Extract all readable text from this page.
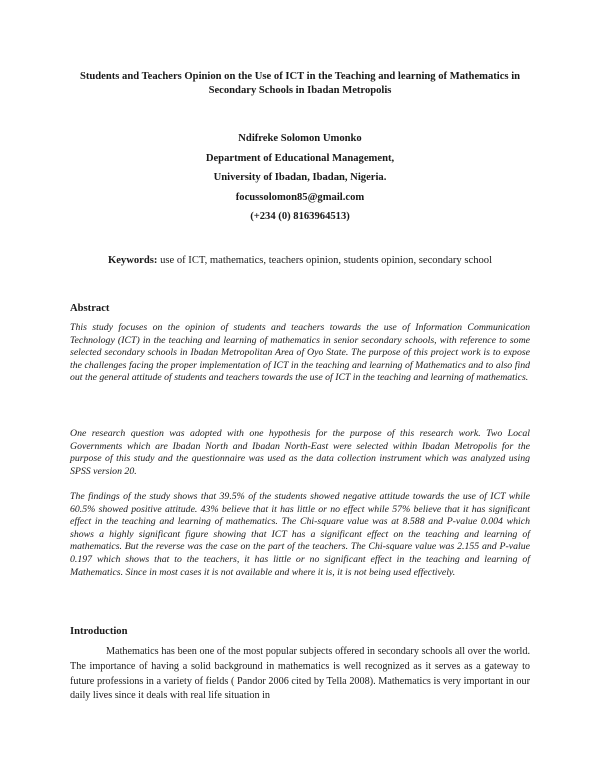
Students and Teachers Opinion on the Use of ICT in the Teaching and learning of Mathematics in Secondary Schools in Ibadan Metropolis
Ndifreke Solomon Umonko
Department of Educational Management,
University of Ibadan, Ibadan, Nigeria.
focussolomon85@gmail.com
(+234 (0) 8163964513)
Keywords: use of ICT, mathematics, teachers opinion, students opinion, secondary school
Abstract
This study focuses on the opinion of students and teachers towards the use of Information Communication Technology (ICT) in the teaching and learning of mathematics in senior secondary schools, with reference to some selected secondary schools in Ibadan Metropolitan Area of Oyo State. The purpose of this project work is to expose the challenges facing the proper implementation of ICT in the teaching and learning of Mathematics and to also find out the general attitude of students and teachers towards the use of ICT in the teaching and learning of mathematics.
One research question was adopted with one hypothesis for the purpose of this research work. Two Local Governments which are Ibadan North and Ibadan North-East were selected within Ibadan Metropolis for the purpose of this study and the questionnaire was used as the data collection instrument which was analyzed using SPSS version 20.
The findings of the study shows that 39.5% of the students showed negative attitude towards the use of ICT while 60.5% showed positive attitude. 43% believe that it has little or no effect while 57% believe that it has significant effect in the teaching and learning of mathematics. The Chi-square value was at 8.588 and P-value 0.004 which shows a highly significant figure showing that ICT has a significant effect on the teaching and learning of mathematics. But the reverse was the case on the part of the teachers. The Chi-square value was 2.155 and P-value 0.197 which shows that to the teachers, it has little or no significant effect in the teaching and learning of Mathematics. Since in most cases it is not available and where it is, it is not being used effectively.
Introduction
Mathematics has been one of the most popular subjects offered in secondary schools all over the world. The importance of having a solid background in mathematics is well recognized as it serves as a gateway to future professions in a variety of fields ( Pandor 2006 cited by Tella 2008). Mathematics is very important in our daily lives since it deals with real life situation in
